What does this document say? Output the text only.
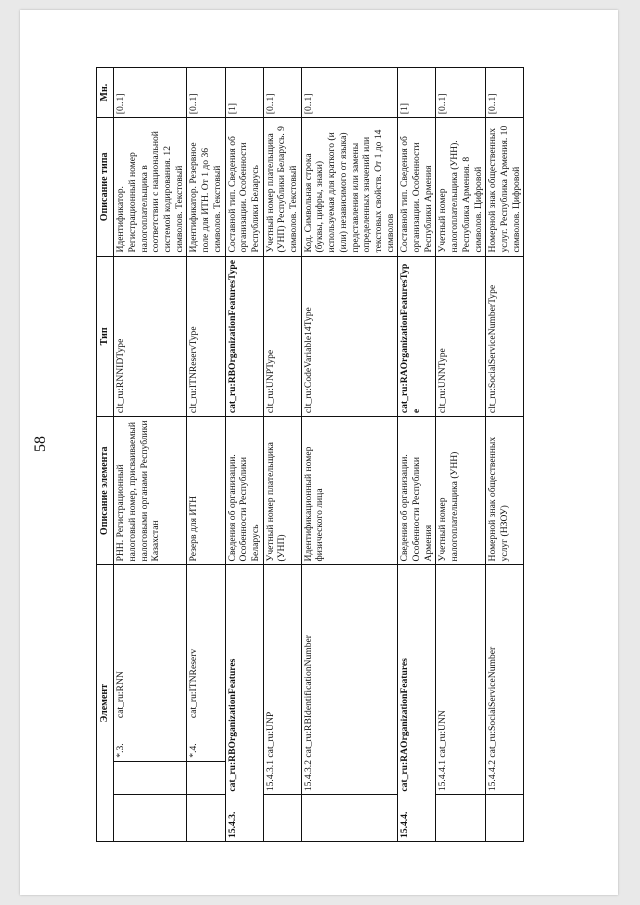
58
Элемент				Описание элемента	Тип	Описание типа	Мн.
		*.3.	cat_ru:RNN	РНН. Регистрационный налоговый номер, присваиваемый налоговыми органами Республики Казахстан	clt_ru:RNNIDType	Идентификатор. Регистрационный номер налогоплательщика в соответствии с национальной системой кодирования. 12 символов. Текстовый	[0..1]
		*.4.	cat_ru:ITNReserv	Резерв для ИТН	clt_ru:ITNReservType	Идентификатор. Резервное поле для ИТН. От 1 до 36 символов. Текстовый	[0..1]
15.4.3.	cat_ru:RBOrganizationFeatures			Сведения об организации. Особенности Республики Беларусь	cat_ru:RBOrganizationFeaturesType	Составной тип. Сведения об организации. Особенности Республики Беларусь	[1]
	15.4.3.1 cat_ru:UNP			Учетный номер плательщика (УНП)	clt_ru:UNPType	Учетный номер плательщика (УНП) Республики Беларусь. 9 символов. Текстовый	[0..1]
	15.4.3.2 cat_ru:RBIdentificationNumber			Идентификационный номер физического лица	clt_ru:CodeVariable14Type	Код. Символьная строка (буквы, цифры, знаки) используемая для краткого (и (или) независимого от языка) представления или замены определенных значений или текстовых свойств. От 1 до 14 символов	[0..1]
15.4.4.	cat_ru:RAOrganizationFeatures			Сведения об организации. Особенности Республики Армения	cat_ru:RAOrganizationFeaturesType	Составной тип. Сведения об организации. Особенности Республики Армения	[1]
	15.4.4.1 cat_ru:UNN			Учетный номер налогоплательщика (УНН)	clt_ru:UNNType	Учетный номер налогоплательщика (УНН). Республика Армения. 8 символов. Цифровой	[0..1]
	15.4.4.2 cat_ru:SocialServiceNumber			Номерной знак общественных услуг (НЗОУ)	clt_ru:SocialServiceNumberType	Номерной знак общественных услуг. Республика Армения. 10 символов. Цифровой	[0..1]
